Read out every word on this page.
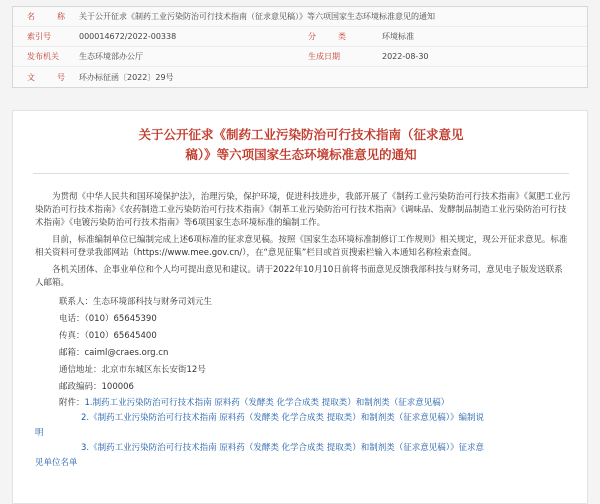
名　称 关于公开征求《制药工业污染防治可行技术指南（征求意见稿）》等六项国家生态环境标准意见的通知
索引号	000014672/2022-00338	分　类	环境标准
发布机关	生态环境部办公厅	生成日期	2022-08-30
文　号 环办标征函〔2022〕29号
关于公开征求《制药工业污染防治可行技术指南（征求意见
稿）》等六项国家生态环境标准意见的通知

为贯彻《中华人民共和国环境保护法》，治理污染，保护环境，促进科技进步，我部开展了《制药工业污染防治可行技术指南》《氮肥工业污染防治可行技术指南》《农药制造工业污染防治可行技术指南》《制革工业污染防治可行技术指南》《调味品、发酵制品制造工业污染防治可行技术指南》《电镀污染防治可行技术指南》等6项国家生态环境标准的编制工作。

目前，标准编制单位已编制完成上述6项标准的征求意见稿。按照《国家生态环境标准制修订工作规则》相关规定，现公开征求意见。标准相关资料可登录我部网站（https://www.mee.gov.cn/），在“意见征集”栏目或首页搜索栏输入本通知名称检索查阅。

各机关团体、企事业单位和个人均可提出意见和建议。请于2022年10月10日前将书面意见反馈我部科技与财务司，意见电子版发送联系人邮箱。

联系人：生态环境部科技与财务司刘元生
电话：（010）65645390
传真：（010）65645400
邮箱：caiml@craes.org.cn
通信地址：北京市东城区东长安街12号
邮政编码：100006
附件：1.制药工业污染防治可行技术指南 原料药（发酵类 化学合成类 提取类）和制剂类（征求意见稿）
2.《制药工业污染防治可行技术指南 原料药（发酵类 化学合成类 提取类）和制剂类（征求意见稿）》编制说
明
3.《制药工业污染防治可行技术指南 原料药（发酵类 化学合成类 提取类）和制剂类（征求意见稿）》征求意
见单位名单
